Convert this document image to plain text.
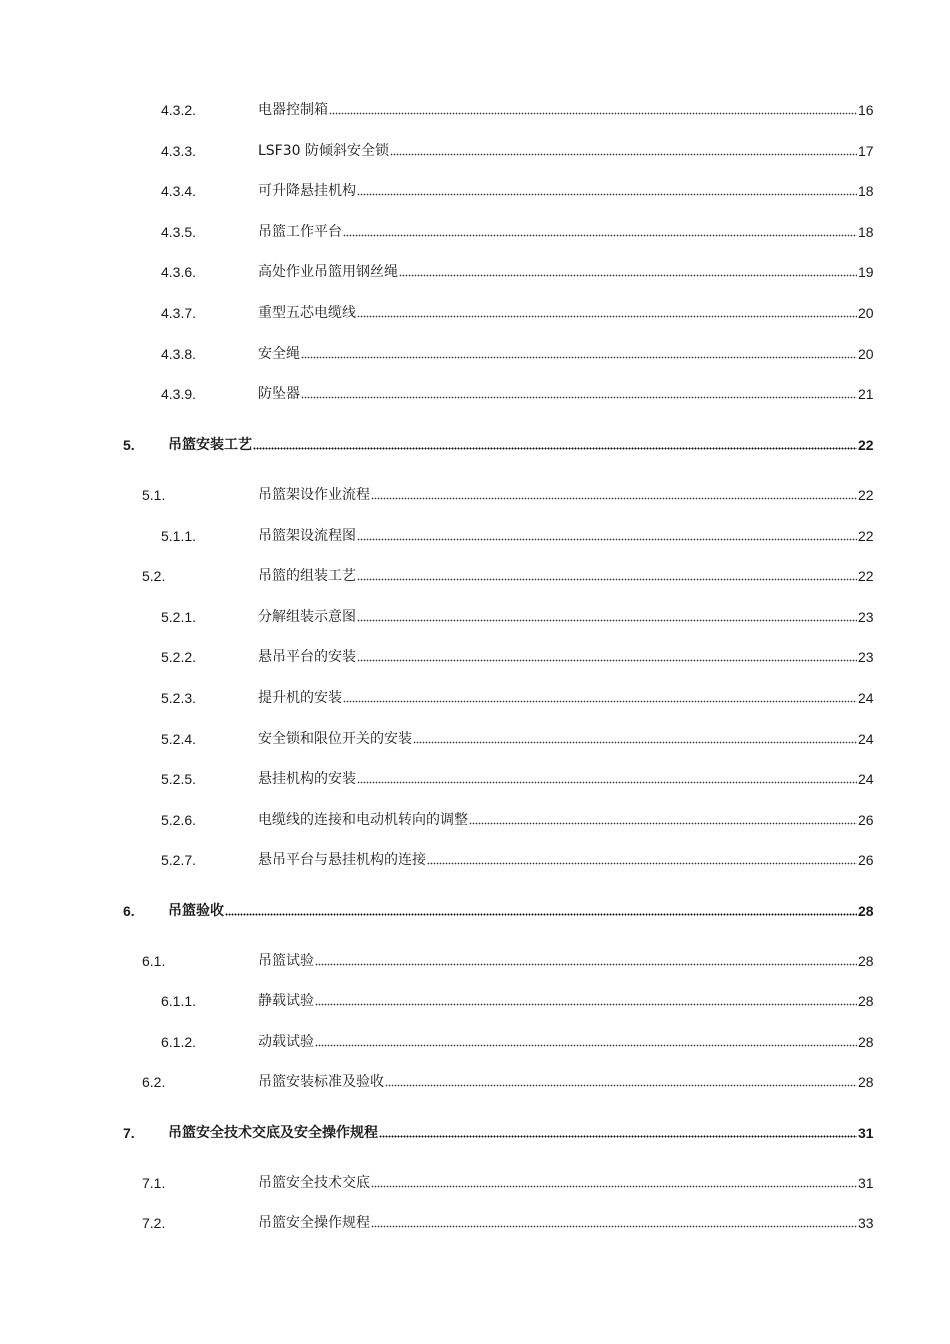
4.3.2.	电器控制箱	16
4.3.3.	LSF30 防倾斜安全锁	17
4.3.4.	可升降悬挂机构	18
4.3.5.	吊篮工作平台	18
4.3.6.	高处作业吊篮用钢丝绳	19
4.3.7.	重型五芯电缆线	20
4.3.8.	安全绳	20
4.3.9.	防坠器	21
5. 吊篮安装工艺	22
5.1.	吊篮架设作业流程	22
5.1.1.	吊篮架设流程图	22
5.2.	吊篮的组装工艺	22
5.2.1.	分解组装示意图	23
5.2.2.	悬吊平台的安装	23
5.2.3.	提升机的安装	24
5.2.4.	安全锁和限位开关的安装	24
5.2.5.	悬挂机构的安装	24
5.2.6.	电缆线的连接和电动机转向的调整	26
5.2.7.	悬吊平台与悬挂机构的连接	26
6. 吊篮验收	28
6.1.	吊篮试验	28
6.1.1.	静载试验	28
6.1.2.	动载试验	28
6.2.	吊篮安装标准及验收	28
7. 吊篮安全技术交底及安全操作规程	31
7.1.	吊篮安全技术交底	31
7.2.	吊篮安全操作规程	33
